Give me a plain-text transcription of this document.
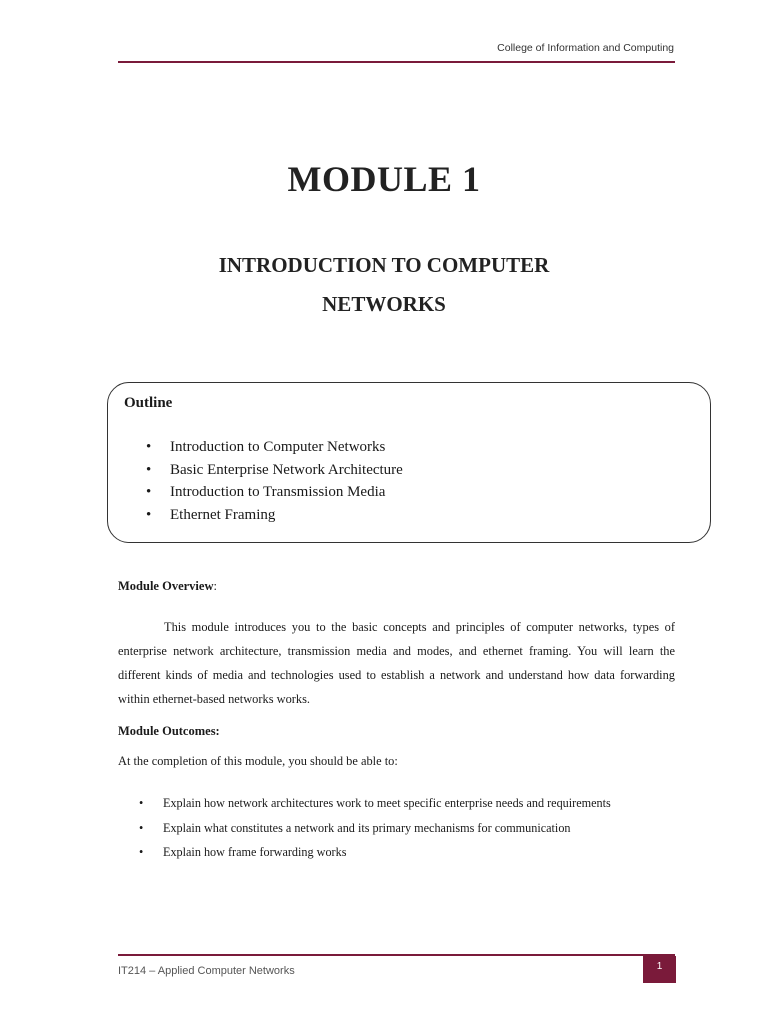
College of Information and Computing
MODULE 1
INTRODUCTION TO COMPUTER
NETWORKS
Outline
• Introduction to Computer Networks
• Basic Enterprise Network Architecture
• Introduction to Transmission Media
• Ethernet Framing
Module Overview:

This module introduces you to the basic concepts and principles of computer networks, types of enterprise network architecture, transmission media and modes, and ethernet framing. You will learn the different kinds of media and technologies used to establish a network and understand how data forwarding within ethernet-based networks works.

Module Outcomes:
At the completion of this module, you should be able to:
• Explain how network architectures work to meet specific enterprise needs and requirements
• Explain what constitutes a network and its primary mechanisms for communication
• Explain how frame forwarding works
IT214 – Applied Computer Networks	1
